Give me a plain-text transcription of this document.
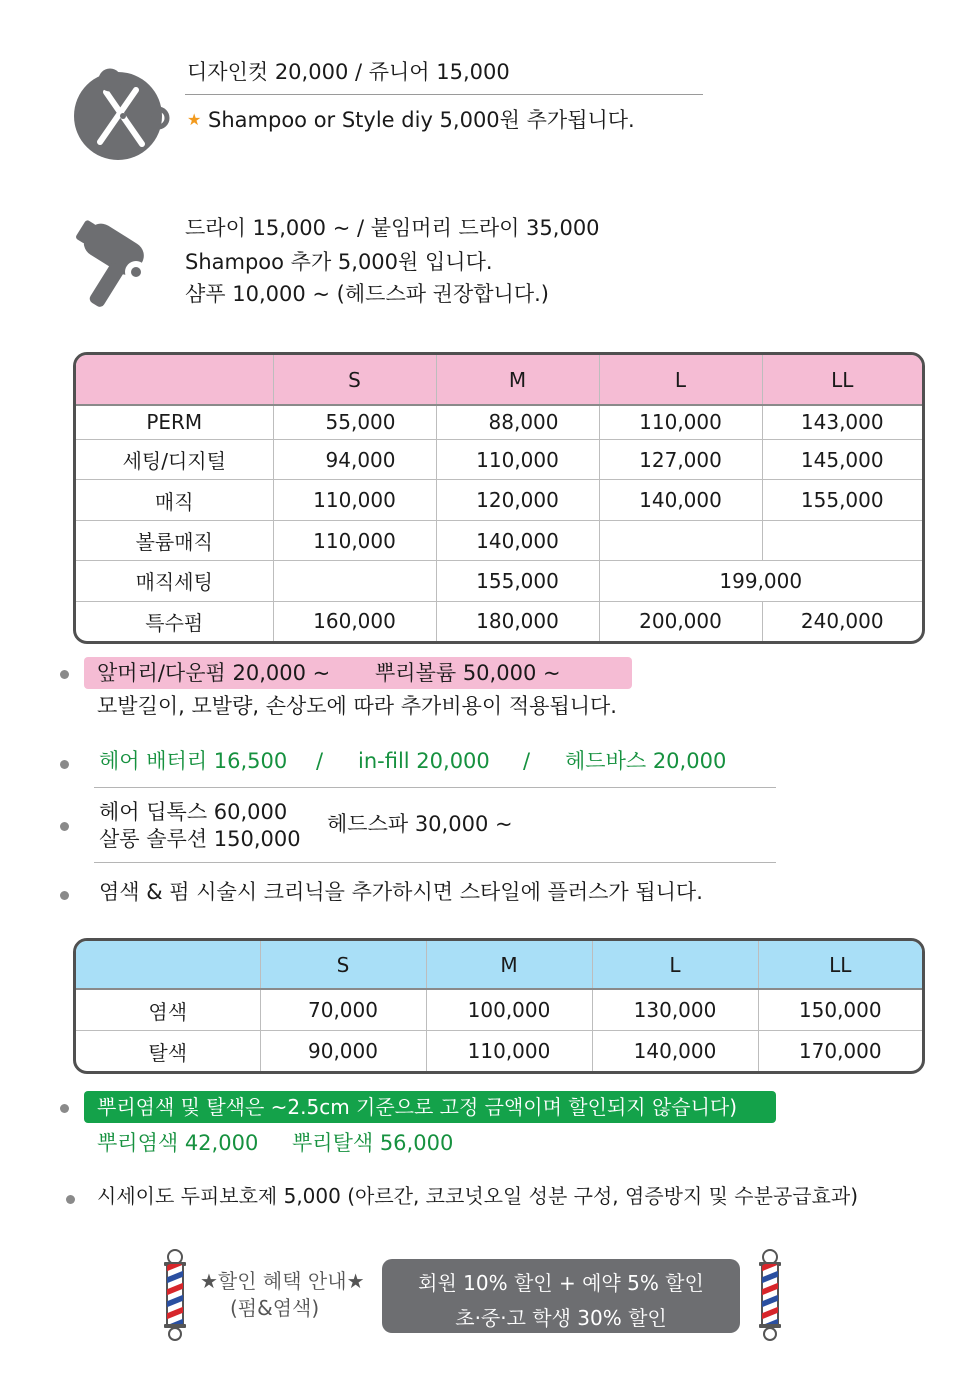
디자인컷 20,000 / 쥬니어 15,000
★ Shampoo or Style diy 5,000원 추가됩니다.
드라이 15,000 ~ / 붙임머리 드라이 35,000
Shampoo 추가 5,000원 입니다.
샴푸 10,000 ~ (헤드스파 권장합니다.)
	S	M	L	LL
PERM	55,000	88,000	110,000	143,000
세팅/디지털	94,000	110,000	127,000	145,000
매직	110,000	120,000	140,000	155,000
볼륨매직	110,000	140,000		
매직세팅		155,000	199,000	
특수펌	160,000	180,000	200,000	240,000
앞머리/다운펌 20,000 ~ 뿌리볼륨 50,000 ~
모발길이, 모발량, 손상도에 따라 추가비용이 적용됩니다.
헤어 배터리 16,500 / in-fill 20,000 / 헤드바스 20,000
헤어 딥톡스 60,000
살롱 솔루션 150,000
헤드스파 30,000 ~
염색 & 펌 시술시 크리닉을 추가하시면 스타일에 플러스가 됩니다.
	S	M	L	LL
염색	70,000	100,000	130,000	150,000
탈색	90,000	110,000	140,000	170,000
뿌리염색 및 탈색은 ~2.5cm 기준으로 고정 금액이며 할인되지 않습니다)
뿌리염색 42,000 뿌리탈색 56,000
시세이도 두피보호제 5,000 (아르간, 코코넛오일 성분 구성, 염증방지 및 수분공급효과)
★할인 혜택 안내★
(펌&염색)
회원 10% 할인 + 예약 5% 할인
초·중·고 학생 30% 할인
